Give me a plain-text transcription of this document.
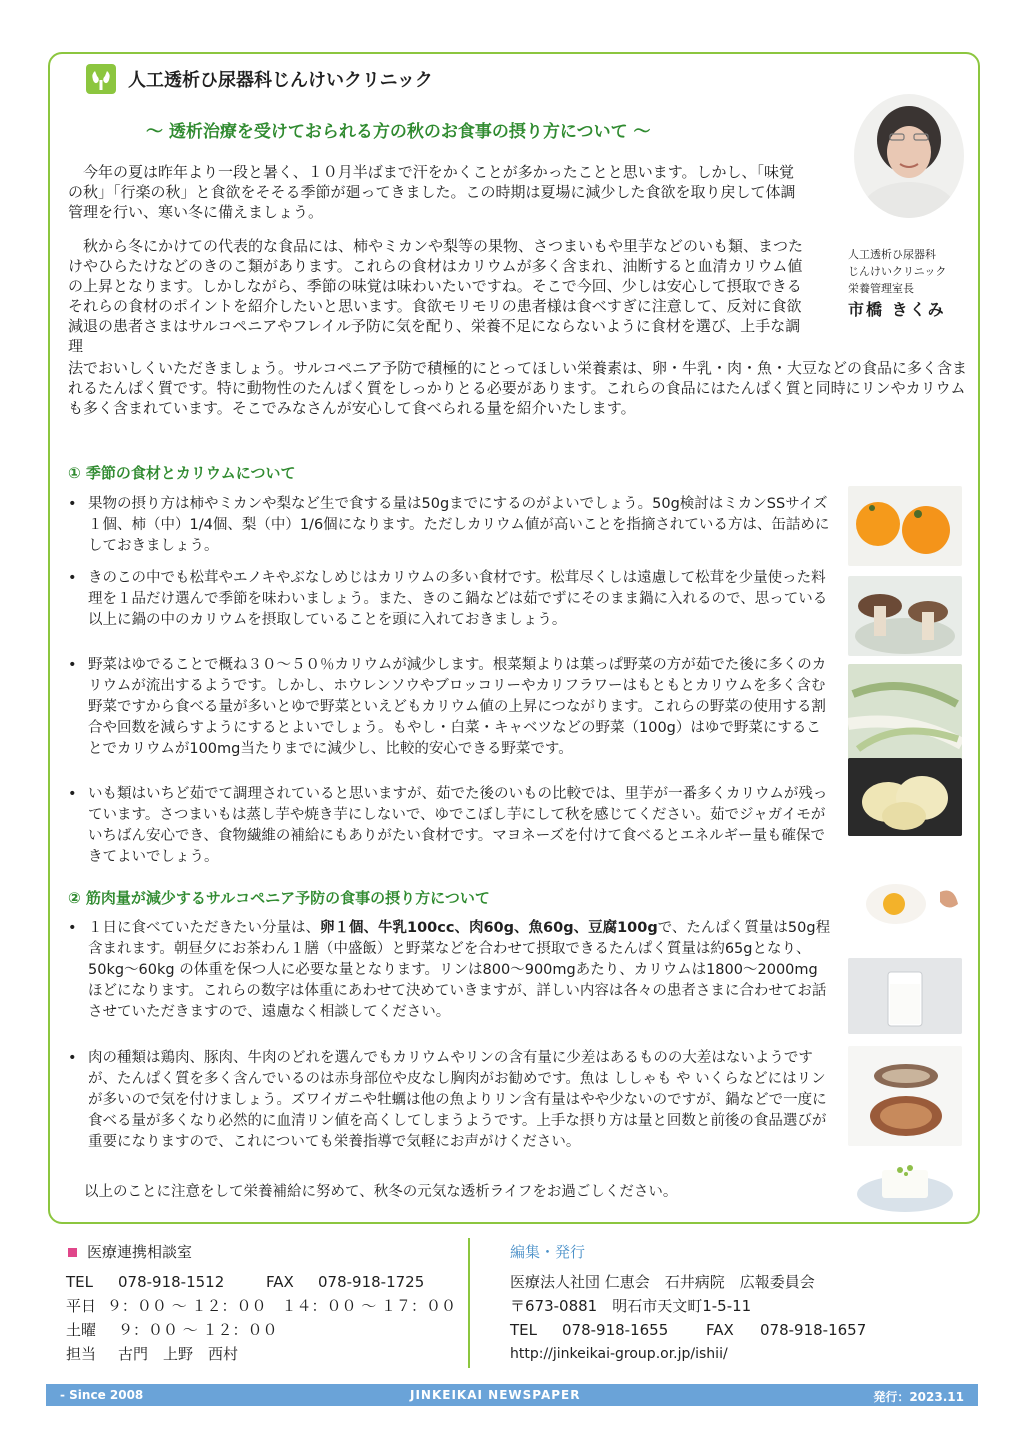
人工透析ひ尿器科じんけいクリニック
～ 透析治療を受けておられる方の秋のお食事の摂り方について ～
人工透析ひ尿器科
じんけいクリニック
栄養管理室長
市橋 きくみ

今年の夏は昨年より一段と暑く、１０月半ばまで汗をかくことが多かったことと思います。しかし、「味覚の秋」「行楽の秋」と食欲をそそる季節が廻ってきました。この時期は夏場に減少した食欲を取り戻して体調管理を行い、寒い冬に備えましょう。

秋から冬にかけての代表的な食品には、柿やミカンや梨等の果物、さつまいもや里芋などのいも類、まつたけやひらたけなどのきのこ類があります。これらの食材はカリウムが多く含まれ、油断すると血清カリウム値の上昇となります。しかしながら、季節の味覚は味わいたいですね。そこで今回、少しは安心して摂取できるそれらの食材のポイントを紹介したいと思います。食欲モリモリの患者様は食べすぎに注意して、反対に食欲減退の患者さまはサルコペニアやフレイル予防に気を配り、栄養不足にならないように食材を選び、上手な調理

法でおいしくいただきましょう。サルコペニア予防で積極的にとってほしい栄養素は、卵・牛乳・肉・魚・大豆などの食品に多く含まれるたんぱく質です。特に動物性のたんぱく質をしっかりとる必要があります。これらの食品にはたんぱく質と同時にリンやカリウムも多く含まれています。そこでみなさんが安心して食べられる量を紹介いたします。

① 季節の食材とカリウムについて

• 果物の摂り方は柿やミカンや梨など生で食する量は50gまでにするのがよいでしょう。50g検討はミカンSSサイズ１個、柿（中）1/4個、梨（中）1/6個になります。ただしカリウム値が高いことを指摘されている方は、缶詰めにしておきましょう。

• きのこの中でも松茸やエノキやぶなしめじはカリウムの多い食材です。松茸尽くしは遠慮して松茸を少量使った料理を１品だけ選んで季節を味わいましょう。また、きのこ鍋などは茹でずにそのまま鍋に入れるので、思っている以上に鍋の中のカリウムを摂取していることを頭に入れておきましょう。

• 野菜はゆでることで概ね３０～５０％カリウムが減少します。根菜類よりは葉っぱ野菜の方が茹でた後に多くのカリウムが流出するようです。しかし、ホウレンソウやブロッコリーやカリフラワーはもともとカリウムを多く含む野菜ですから食べる量が多いとゆで野菜といえどもカリウム値の上昇につながります。これらの野菜の使用する割合や回数を減らすようにするとよいでしょう。もやし・白菜・キャベツなどの野菜（100g）はゆで野菜にすることでカリウムが100mg当たりまでに減少し、比較的安心できる野菜です。

• いも類はいちど茹でて調理されていると思いますが、茹でた後のいもの比較では、里芋が一番多くカリウムが残っています。さつまいもは蒸し芋や焼き芋にしないで、ゆでこぼし芋にして秋を感じてください。茹でジャガイモがいちばん安心でき、食物繊維の補給にもありがたい食材です。マヨネーズを付けて食べるとエネルギー量も確保できてよいでしょう。

② 筋肉量が減少するサルコペニア予防の食事の摂り方について

• １日に食べていただきたい分量は、卵１個、牛乳100cc、肉60g、魚60g、豆腐100gで、たんぱく質量は50g程含まれます。朝昼夕にお茶わん１膳（中盛飯）と野菜などを合わせて摂取できるたんぱく質量は約65gとなり、50kg～60kg の体重を保つ人に必要な量となります。リンは800～900mgあたり、カリウムは1800～2000mgほどになります。これらの数字は体重にあわせて決めていきますが、詳しい内容は各々の患者さまに合わせてお話させていただきますので、遠慮なく相談してください。

• 肉の種類は鶏肉、豚肉、牛肉のどれを選んでもカリウムやリンの含有量に少差はあるものの大差はないようですが、たんぱく質を多く含んでいるのは赤身部位や皮なし胸肉がお勧めです。魚は ししゃも や いくらなどにはリンが多いので気を付けましょう。ズワイガニや牡蠣は他の魚よりリン含有量はやや少ないのですが、鍋などで一度に食べる量が多くなり必然的に血清リン値を高くしてしまうようです。上手な摂り方は量と回数と前後の食品選びが重要になりますので、これについても栄養指導で気軽にお声がけください。

以上のことに注意をして栄養補給に努めて、秋冬の元気な透析ライフをお過ごしください。
医療連携相談室
TEL	078-918-1512	FAX	078-918-1725
平日 ９：００ ～ １２：００　１４：００ ～ １７：００
土曜	９：００ ～ １２：００
担当	古門　上野　西村
編集・発行
医療法人社団 仁恵会　石井病院　広報委員会
〒673-0881　明石市天文町1-5-11
TEL	078-918-1655	FAX	078-918-1657
http://jinkeikai-group.or.jp/ishii/
- Since 2008	JINKEIKAI NEWSPAPER	発行：2023.11
